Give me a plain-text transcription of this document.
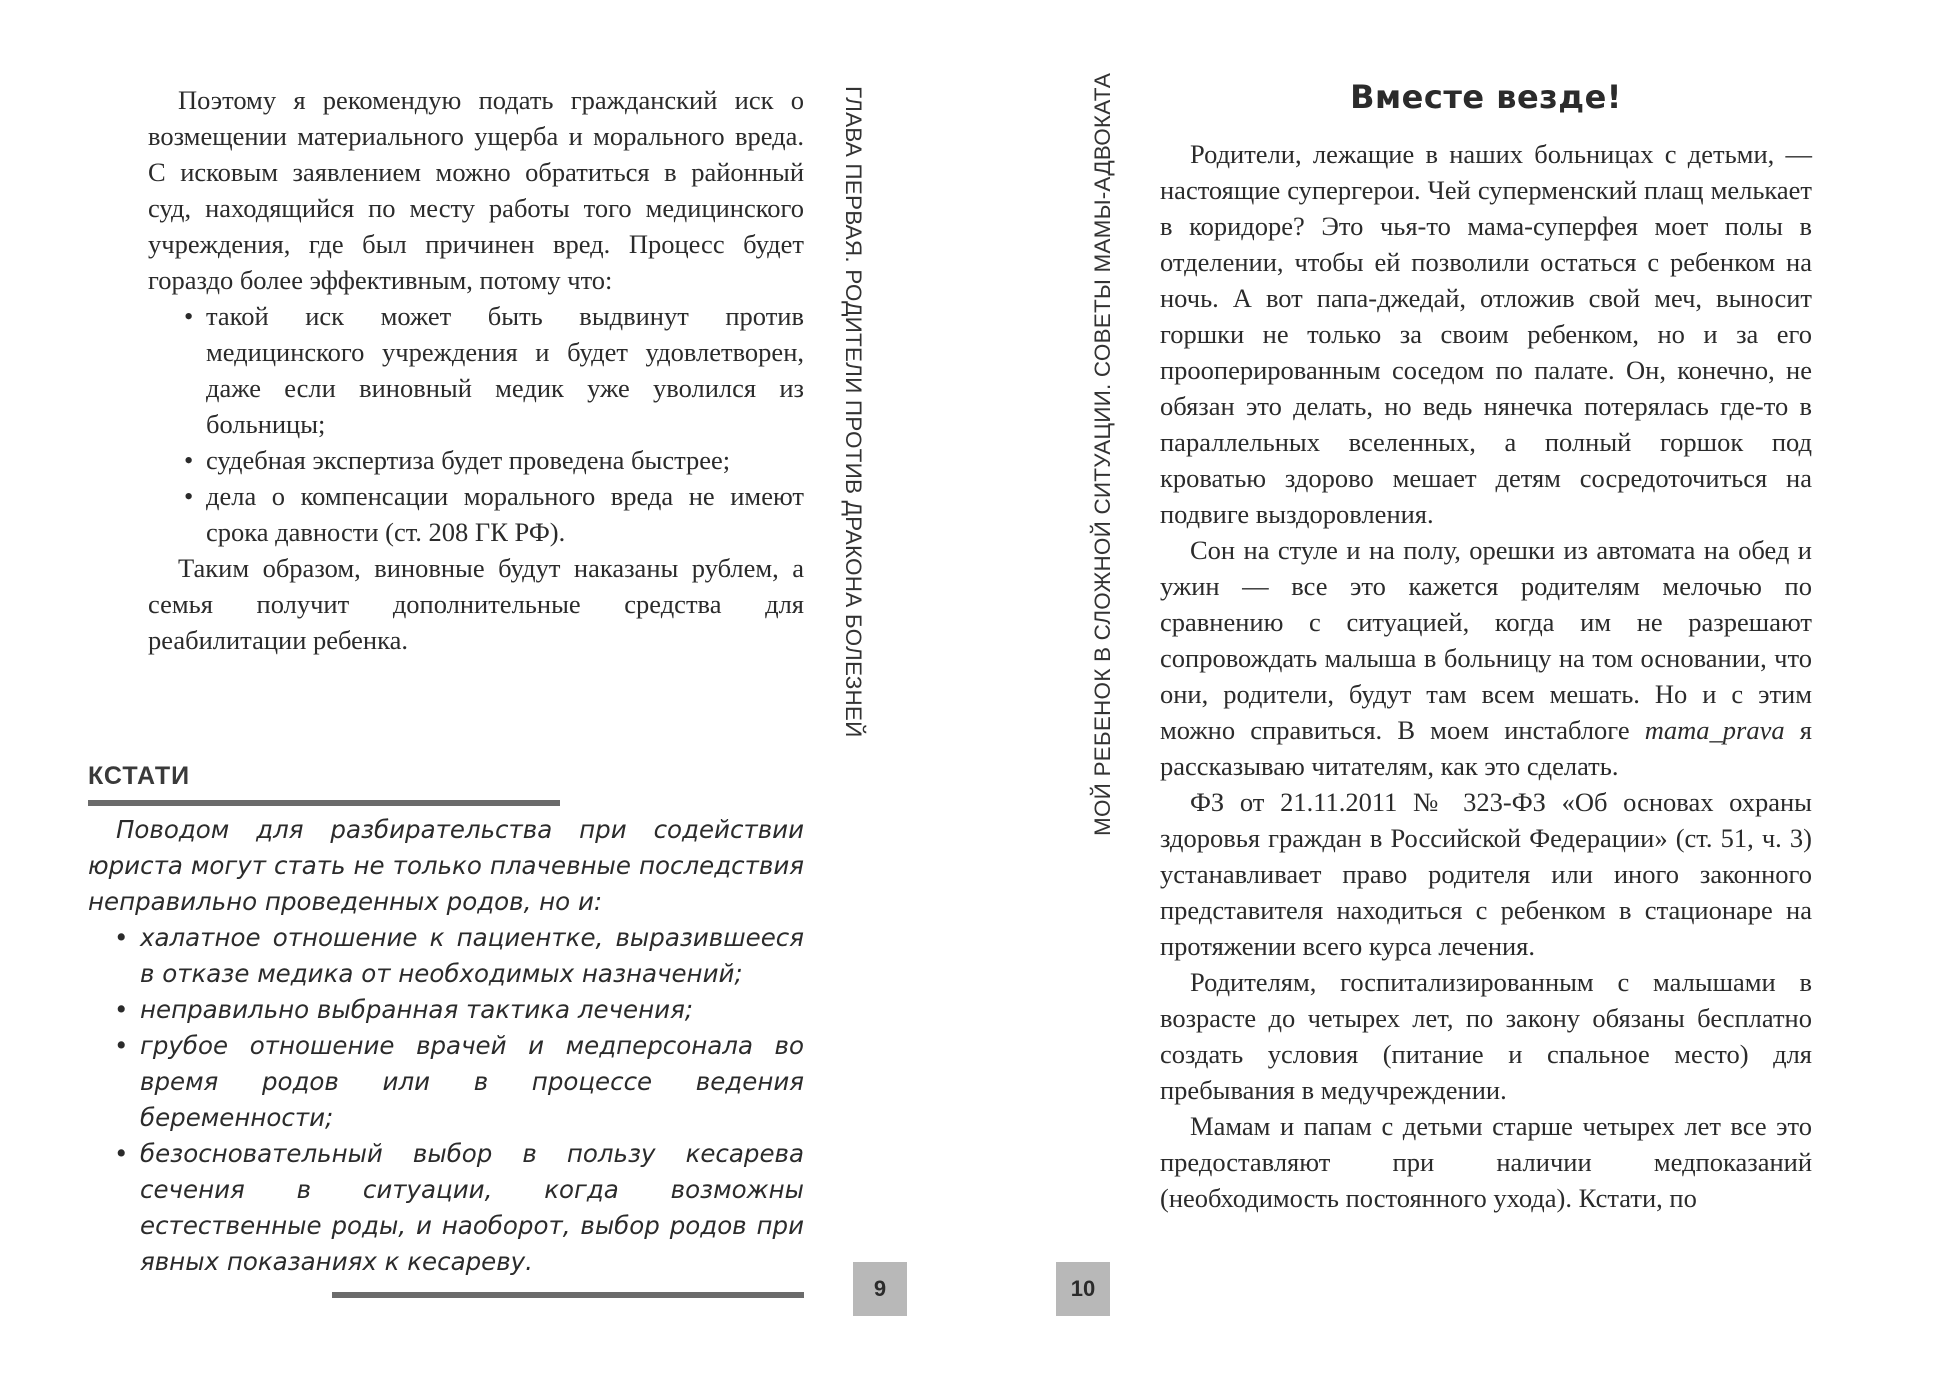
Поэтому я рекомендую подать гражданский иск о возмещении материального ущерба и морального вреда. С исковым заявлением можно обратиться в районный суд, находящийся по месту работы того медицинского учреждения, где был причинен вред. Процесс будет гораздо более эффективным, потому что:

• такой иск может быть выдвинут против медицинского учреждения и будет удовлетворен, даже если виновный медик уже уволился из больницы;
• судебная экспертиза будет проведена быстрее;
• дела о компенсации морального вреда не имеют срока давности (ст. 208 ГК РФ).

Таким образом, виновные будут наказаны рублем, а семья получит дополнительные средства для реабилитации ребенка.

КСТАТИ

Поводом для разбирательства при содействии юриста могут стать не только плачевные последствия неправильно проведенных родов, но и:

• халатное отношение к пациентке, выразившееся в отказе медика от необходимых назначений;
• неправильно выбранная тактика лечения;
• грубое отношение врачей и медперсонала во время родов или в процессе ведения беременности;
• безосновательный выбор в пользу кесарева сечения в ситуации, когда возможны естественные роды, и наоборот, выбор родов при явных показаниях к кесареву.
ГЛАВА ПЕРВАЯ. РОДИТЕЛИ ПРОТИВ ДРАКОНА БОЛЕЗНЕЙ
9
МОЙ РЕБЕНОК В СЛОЖНОЙ СИТУАЦИИ. СОВЕТЫ МАМЫ-АДВОКАТА
10
Вместе везде!

Родители, лежащие в наших больницах с детьми, — настоящие супергерои. Чей суперменский плащ мелькает в коридоре? Это чья-то мама-суперфея моет полы в отделении, чтобы ей позволили остаться с ребенком на ночь. А вот папа-джедай, отложив свой меч, выносит горшки не только за своим ребенком, но и за его прооперированным соседом по палате. Он, конечно, не обязан это делать, но ведь нянечка потерялась где-то в параллельных вселенных, а полный горшок под кроватью здорово мешает детям сосредоточиться на подвиге выздоровления.

Сон на стуле и на полу, орешки из автомата на обед и ужин — все это кажется родителям мелочью по сравнению с ситуацией, когда им не разрешают сопровождать малыша в больницу на том основании, что они, родители, будут там всем мешать. Но и с этим можно справиться. В моем инстаблоге mama_prava я рассказываю читателям, как это сделать.

ФЗ от 21.11.2011 № 323-ФЗ «Об основах охраны здоровья граждан в Российской Федерации» (ст. 51, ч. 3) устанавливает право родителя или иного законного представителя находиться с ребенком в стационаре на протяжении всего курса лечения.

Родителям, госпитализированным с малышами в возрасте до четырех лет, по закону обязаны бесплатно создать условия (питание и спальное место) для пребывания в медучреждении.

Мамам и папам с детьми старше четырех лет все это предоставляют при наличии медпоказаний (необходимость постоянного ухода). Кстати, по
